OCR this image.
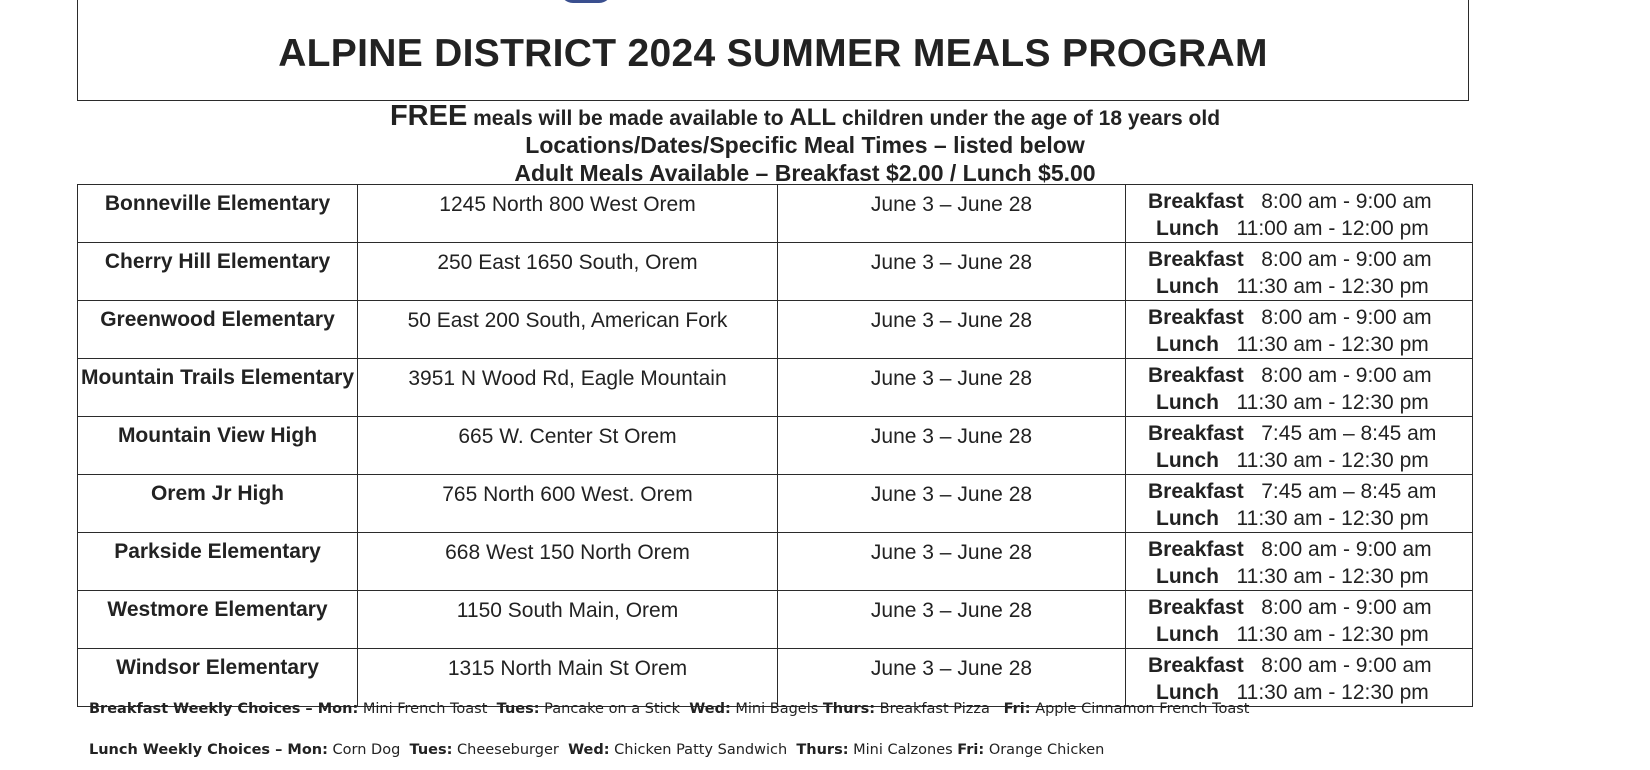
ALPINE DISTRICT 2024 SUMMER MEALS PROGRAM
FREE meals will be made available to ALL children under the age of 18 years old
Locations/Dates/Specific Meal Times – listed below
Adult Meals Available – Breakfast $2.00 / Lunch $5.00
Bonneville Elementary	1245 North 800 West Orem	June 3 – June 28	Breakfast 8:00 am - 9:00 am
Lunch 11:00 am - 12:00 pm

Cherry Hill Elementary	250 East 1650 South, Orem	June 3 – June 28	Breakfast 8:00 am - 9:00 am
Lunch 11:30 am - 12:30 pm

Greenwood Elementary	50 East 200 South, American Fork	June 3 – June 28	Breakfast 8:00 am - 9:00 am
Lunch 11:30 am - 12:30 pm

Mountain Trails Elementary	3951 N Wood Rd, Eagle Mountain	June 3 – June 28	Breakfast 8:00 am - 9:00 am
Lunch 11:30 am - 12:30 pm

Mountain View High	665 W. Center St Orem	June 3 – June 28	Breakfast 7:45 am – 8:45 am
Lunch 11:30 am - 12:30 pm

Orem Jr High	765 North 600 West. Orem	June 3 – June 28	Breakfast 7:45 am – 8:45 am
Lunch 11:30 am - 12:30 pm

Parkside Elementary	668 West 150 North Orem	June 3 – June 28	Breakfast 8:00 am - 9:00 am
Lunch 11:30 am - 12:30 pm

Westmore Elementary	1150 South Main, Orem	June 3 – June 28	Breakfast 8:00 am - 9:00 am
Lunch 11:30 am - 12:30 pm

Windsor Elementary	1315 North Main St Orem	June 3 – June 28	Breakfast 8:00 am - 9:00 am
Lunch 11:30 am - 12:30 pm
Breakfast Weekly Choices – Mon: Mini French Toast Tues: Pancake on a Stick Wed: Mini Bagels Thurs: Breakfast Pizza Fri: Apple Cinnamon French Toast
Lunch Weekly Choices – Mon: Corn Dog Tues: Cheeseburger Wed: Chicken Patty Sandwich Thurs: Mini Calzones Fri: Orange Chicken
